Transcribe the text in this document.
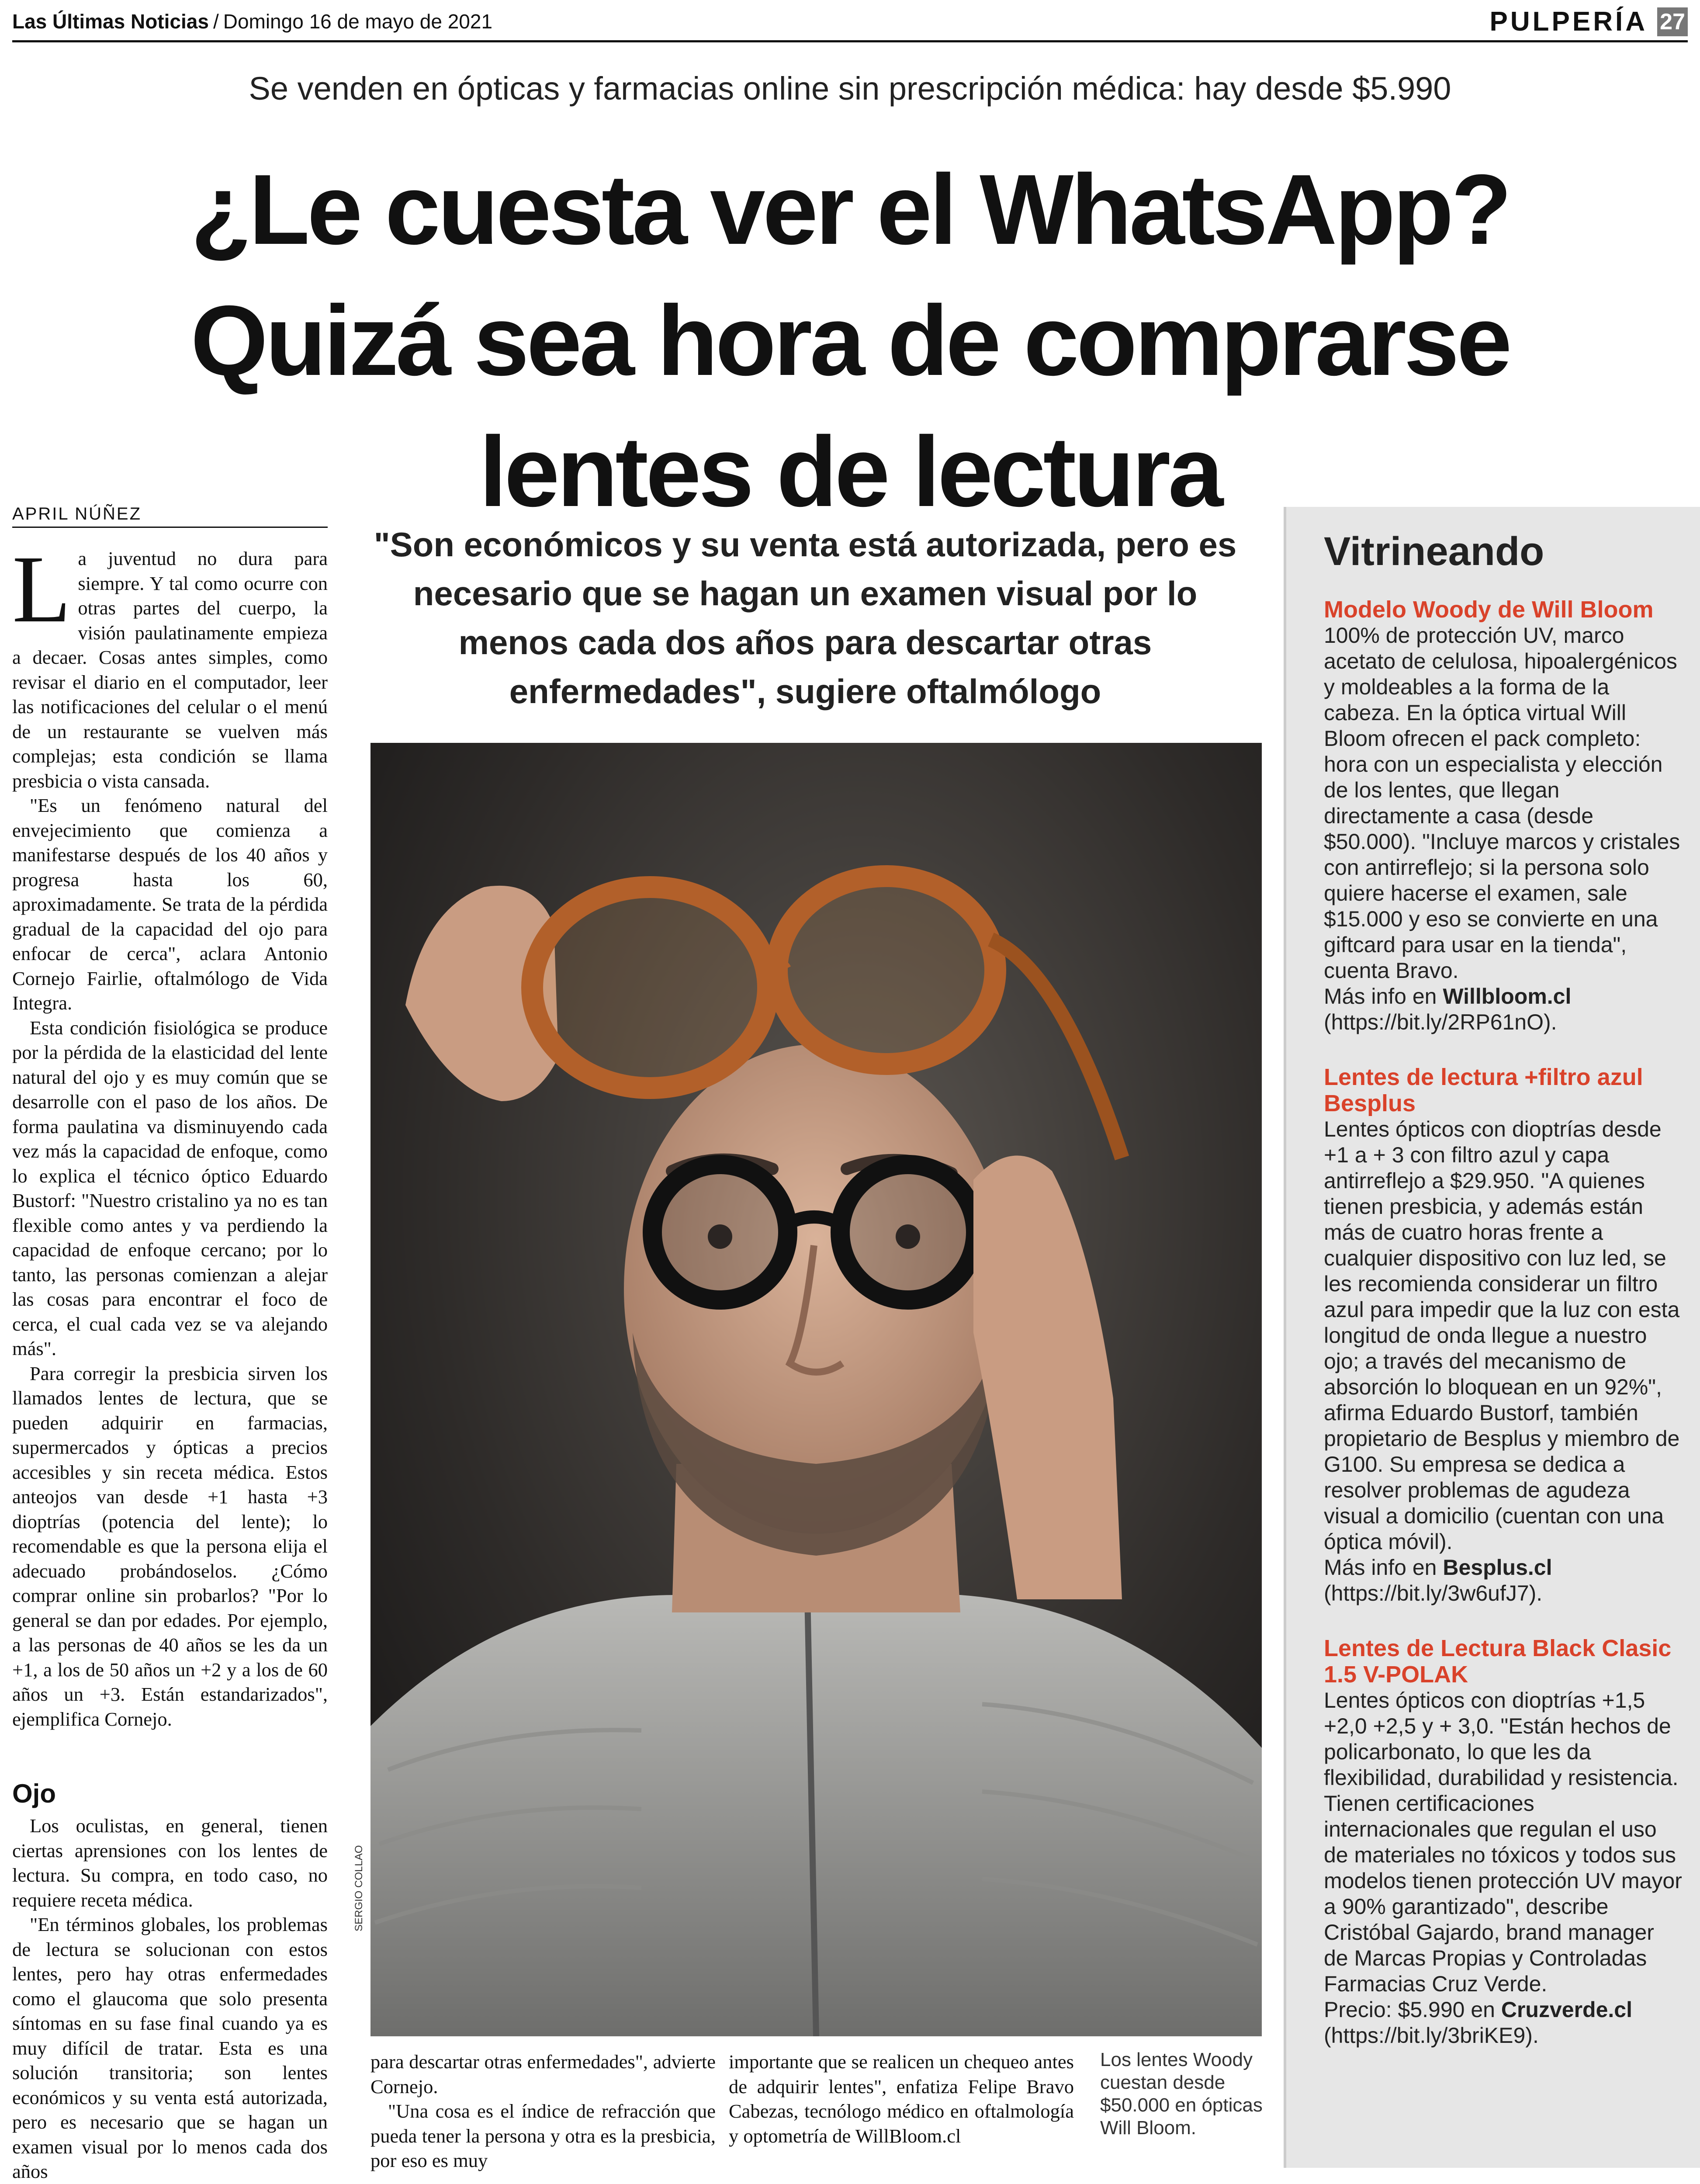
Las Últimas Noticias / Domingo 16 de mayo de 2021	PULPERÍA 27
Se venden en ópticas y farmacias online sin prescripción médica: hay desde $5.990
¿Le cuesta ver el WhatsApp? Quizá sea hora de comprarse lentes de lectura
APRIL NÚÑEZ

La juventud no dura para siempre. Y tal como ocurre con otras partes del cuerpo, la visión paulatinamente empieza a decaer. Cosas antes simples, como revisar el diario en el computador, leer las notificaciones del celular o el menú de un restaurante se vuelven más complejas; esta condición se llama presbicia o vista cansada.

"Es un fenómeno natural del envejecimiento que comienza a manifestarse después de los 40 años y progresa hasta los 60, aproximadamente. Se trata de la pérdida gradual de la capacidad del ojo para enfocar de cerca", aclara Antonio Cornejo Fairlie, oftalmólogo de Vida Integra.

Esta condición fisiológica se produce por la pérdida de la elasticidad del lente natural del ojo y es muy común que se desarrolle con el paso de los años. De forma paulatina va disminuyendo cada vez más la capacidad de enfoque, como lo explica el técnico óptico Eduardo Bustorf: "Nuestro cristalino ya no es tan flexible como antes y va perdiendo la capacidad de enfoque cercano; por lo tanto, las personas comienzan a alejar las cosas para encontrar el foco de cerca, el cual cada vez se va alejando más".

Para corregir la presbicia sirven los llamados lentes de lectura, que se pueden adquirir en farmacias, supermercados y ópticas a precios accesibles y sin receta médica. Estos anteojos van desde +1 hasta +3 dioptrías (potencia del lente); lo recomendable es que la persona elija el adecuado probándoselos. ¿Cómo comprar online sin probarlos? "Por lo general se dan por edades. Por ejemplo, a las personas de 40 años se les da un +1, a los de 50 años un +2 y a los de 60 años un +3. Están estandarizados", ejemplifica Cornejo.

Ojo

Los oculistas, en general, tienen ciertas aprensiones con los lentes de lectura. Su compra, en todo caso, no requiere receta médica.

"En términos globales, los problemas de lectura se solucionan con estos lentes, pero hay otras enfermedades como el glaucoma que solo presenta síntomas en su fase final cuando ya es muy difícil de tratar. Esta es una solución transitoria; son lentes económicos y su venta está autorizada, pero es necesario que se hagan un examen visual por lo menos cada dos años

"Son económicos y su venta está autorizada, pero es necesario que se hagan un examen visual por lo menos cada dos años para descartar otras enfermedades", sugiere oftalmólogo
SERGIO COLLAO

para descartar otras enfermedades", advierte Cornejo.

"Una cosa es el índice de refracción que pueda tener la persona y otra es la presbicia, por eso es muy

importante que se realicen un chequeo antes de adquirir lentes", enfatiza Felipe Bravo Cabezas, tecnólogo médico en oftalmología y optometría de WillBloom.cl

Los lentes Woody cuestan desde $50.000 en ópticas Will Bloom.
Vitrineando
Modelo Woody de Will Bloom
100% de protección UV, marco acetato de celulosa, hipoalergénicos y moldeables a la forma de la cabeza. En la óptica virtual Will Bloom ofrecen el pack completo: hora con un especialista y elección de los lentes, que llegan directamente a casa (desde $50.000). "Incluye marcos y cristales con antirreflejo; si la persona solo quiere hacerse el examen, sale $15.000 y eso se convierte en una giftcard para usar en la tienda", cuenta Bravo.
Más info en Willbloom.cl
(https://bit.ly/2RP61nO).
Lentes de lectura +filtro azul Besplus
Lentes ópticos con dioptrías desde +1 a + 3 con filtro azul y capa antirreflejo a $29.950. "A quienes tienen presbicia, y además están más de cuatro horas frente a cualquier dispositivo con luz led, se les recomienda considerar un filtro azul para impedir que la luz con esta longitud de onda llegue a nuestro ojo; a través del mecanismo de absorción lo bloquean en un 92%", afirma Eduardo Bustorf, también propietario de Besplus y miembro de G100. Su empresa se dedica a resolver problemas de agudeza visual a domicilio (cuentan con una óptica móvil).
Más info en Besplus.cl
(https://bit.ly/3w6ufJ7).
Lentes de Lectura Black Clasic 1.5 V-POLAK
Lentes ópticos con dioptrías +1,5 +2,0 +2,5 y + 3,0. "Están hechos de policarbonato, lo que les da flexibilidad, durabilidad y resistencia. Tienen certificaciones internacionales que regulan el uso de materiales no tóxicos y todos sus modelos tienen protección UV mayor a 90% garantizado", describe Cristóbal Gajardo, brand manager de Marcas Propias y Controladas Farmacias Cruz Verde.
Precio: $5.990 en Cruzverde.cl
(https://bit.ly/3briKE9).
